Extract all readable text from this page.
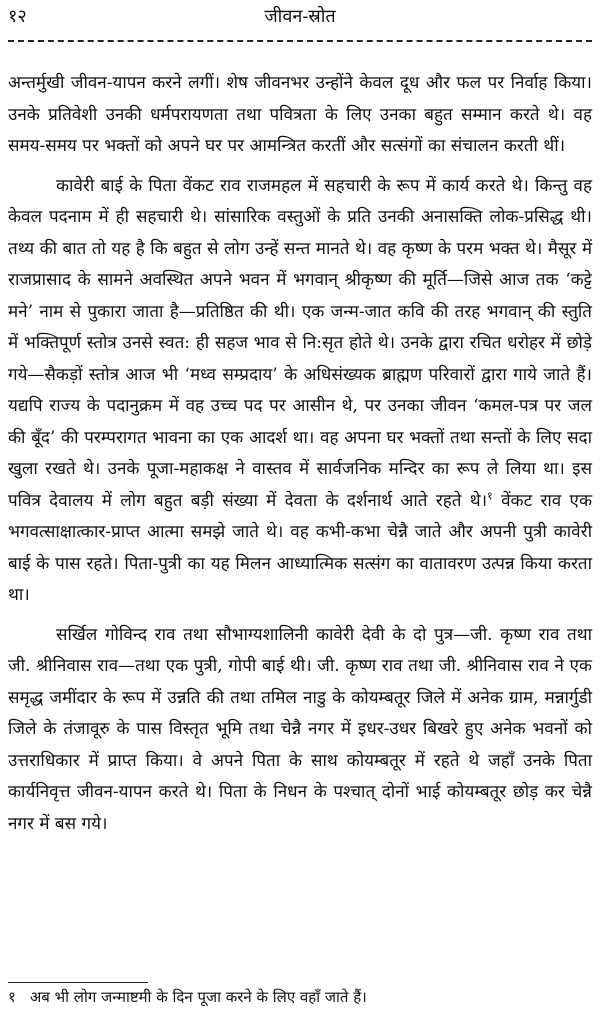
१२	जीवन-स्रोत

अन्तर्मुखी जीवन-यापन करने लगीं। शेष जीवनभर उन्होंने केवल दूध और फल पर निर्वाह किया। उनके प्रतिवेशी उनकी धर्मपरायणता तथा पवित्रता के लिए उनका बहुत सम्मान करते थे। वह समय-समय पर भक्तों को अपने घर पर आमन्त्रित करतीं और सत्संगों का संचालन करती थीं।

कावेरी बाई के पिता वेंकट राव राजमहल में सहचारी के रूप में कार्य करते थे। किन्तु वह केवल पदनाम में ही सहचारी थे। सांसारिक वस्तुओं के प्रति उनकी अनासक्ति लोक-प्रसिद्ध थी। तथ्य की बात तो यह है कि बहुत से लोग उन्हें सन्त मानते थे। वह कृष्ण के परम भक्त थे। मैसूर में राजप्रासाद के सामने अवस्थित अपने भवन में भगवान् श्रीकृष्ण की मूर्ति—जिसे आज तक ‘कट्टे मने’ नाम से पुकारा जाता है—प्रतिष्ठित की थी। एक जन्म-जात कवि की तरह भगवान् की स्तुति में भक्तिपूर्ण स्तोत्र उनसे स्वत: ही सहज भाव से नि:सृत होते थे। उनके द्वारा रचित धरोहर में छोड़े गये—सैकड़ों स्तोत्र आज भी ‘मध्व सम्प्रदाय’ के अधिसंख्यक ब्राह्मण परिवारों द्वारा गाये जाते हैं। यद्यपि राज्य के पदानुक्रम में वह उच्च पद पर आसीन थे, पर उनका जीवन ‘कमल-पत्र पर जल की बूँद’ की परम्परागत भावना का एक आदर्श था। वह अपना घर भक्तों तथा सन्तों के लिए सदा खुला रखते थे। उनके पूजा-महाकक्ष ने वास्तव में सार्वजनिक मन्दिर का रूप ले लिया था। इस पवित्र देवालय में लोग बहुत बड़ी संख्या में देवता के दर्शनार्थ आते रहते थे।$^१$ वेंकट राव एक भगवत्साक्षात्कार-प्राप्त आत्मा समझे जाते थे। वह कभी-कभा चेन्नै जाते और अपनी पुत्री कावेरी बाई के पास रहते। पिता-पुत्री का यह मिलन आध्यात्मिक सत्संग का वातावरण उत्पन्न किया करता था।

सर्खिल गोविन्द राव तथा सौभाग्यशालिनी कावेरी देवी के दो पुत्र—जी. कृष्ण राव तथा जी. श्रीनिवास राव—तथा एक पुत्री, गोपी बाई थी। जी. कृष्ण राव तथा जी. श्रीनिवास राव ने एक समृद्ध जमींदार के रूप में उन्नति की तथा तमिल नाडु के कोयम्बतूर जिले में अनेक ग्राम, मन्नार्गुडी जिले के तंजावूरु के पास विस्तृत भूमि तथा चेन्नै नगर में इधर-उधर बिखरे हुए अनेक भवनों को उत्तराधिकार में प्राप्त किया। वे अपने पिता के साथ कोयम्बतूर में रहते थे जहाँ उनके पिता कार्यनिवृत्त जीवन-यापन करते थे। पिता के निधन के पश्चात् दोनों भाई कोयम्बतूर छोड़ कर चेन्नै नगर में बस गये।

१ अब भी लोग जन्माष्टमी के दिन पूजा करने के लिए वहाँ जाते हैं।
